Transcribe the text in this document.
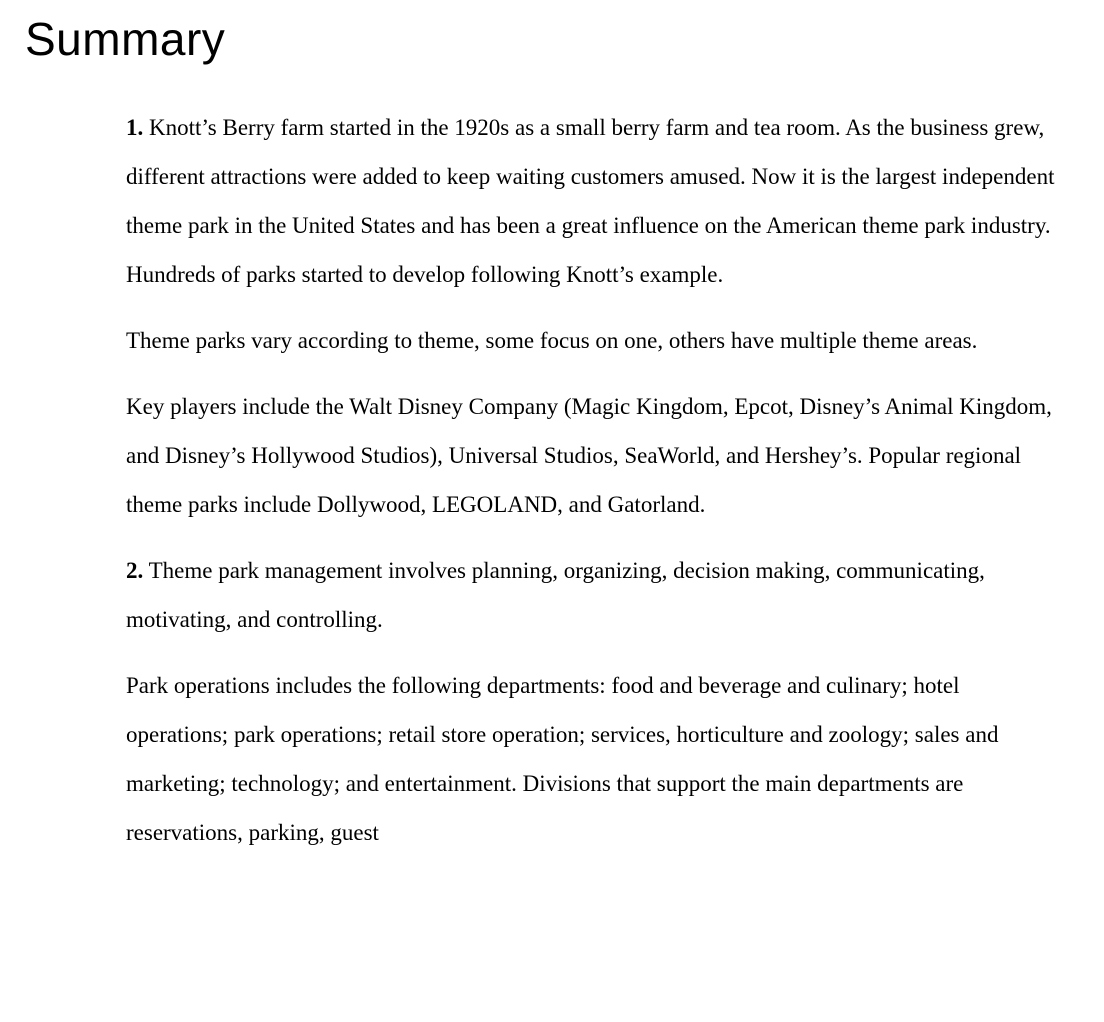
Summary

1. Knott’s Berry farm started in the 1920s as a small berry farm and tea room. As the business grew, different attractions were added to keep waiting customers amused. Now it is the largest independent theme park in the United States and has been a great influence on the American theme park industry. Hundreds of parks started to develop following Knott’s example.

Theme parks vary according to theme, some focus on one, others have multiple theme areas.

Key players include the Walt Disney Company (Magic Kingdom, Epcot, Disney’s Animal Kingdom, and Disney’s Hollywood Studios), Universal Studios, SeaWorld, and Hershey’s. Popular regional theme parks include Dollywood, LEGOLAND, and Gatorland.

2. Theme park management involves planning, organizing, decision making, communicating, motivating, and controlling.

Park operations includes the following departments: food and beverage and culinary; hotel operations; park operations; retail store operation; services, horticulture and zoology; sales and marketing; technology; and entertainment. Divisions that support the main departments are reservations, parking, guest
